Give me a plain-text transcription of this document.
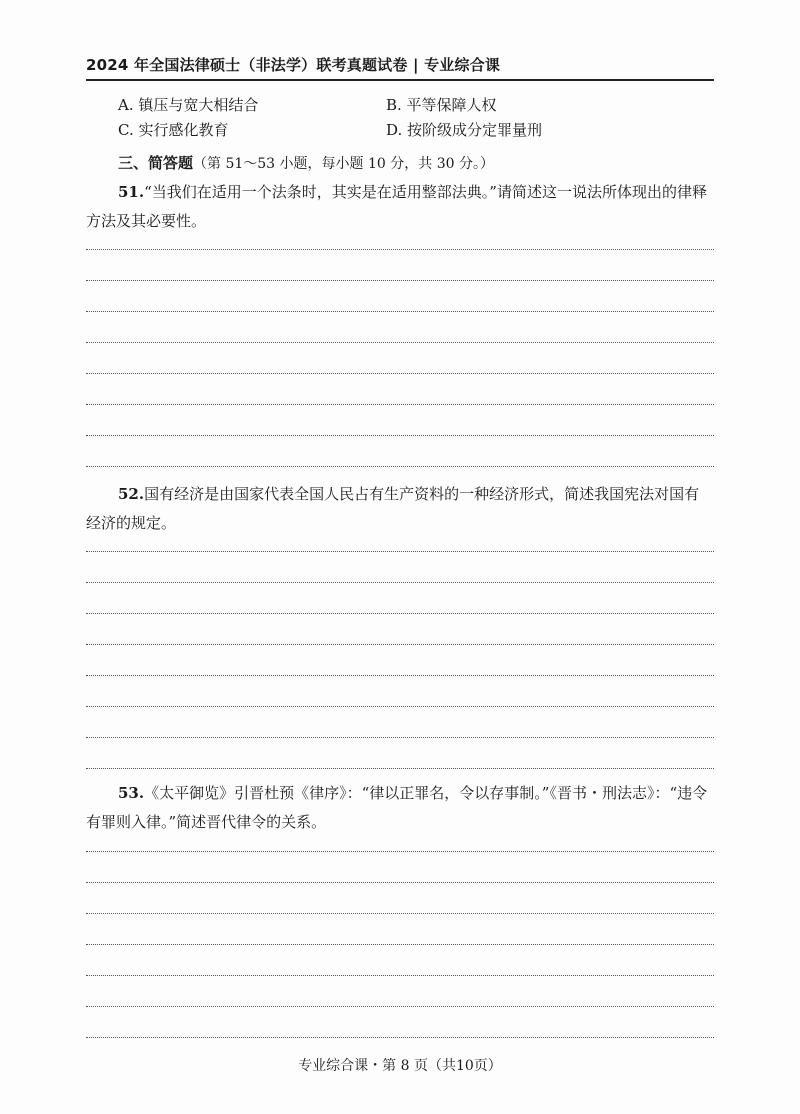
2024 年全国法律硕士（非法学）联考真题试卷 | 专业综合课
A. 镇压与宽大相结合	B. 平等保障人权
C. 实行感化教育	D. 按阶级成分定罪量刑
三、简答题（第 51～53 小题，每小题 10 分，共 30 分。）

51.“当我们在适用一个法条时，其实是在适用整部法典。”请简述这一说法所体现出的律释方法及其必要性。

52.国有经济是由国家代表全国人民占有生产资料的一种经济形式，简述我国宪法对国有经济的规定。

53.《太平御览》引晋杜预《律序》：“律以正罪名，令以存事制。”《晋书・刑法志》：“违令有罪则入律。”简述晋代律令的关系。

专业综合课・第 8 页（共10页）
